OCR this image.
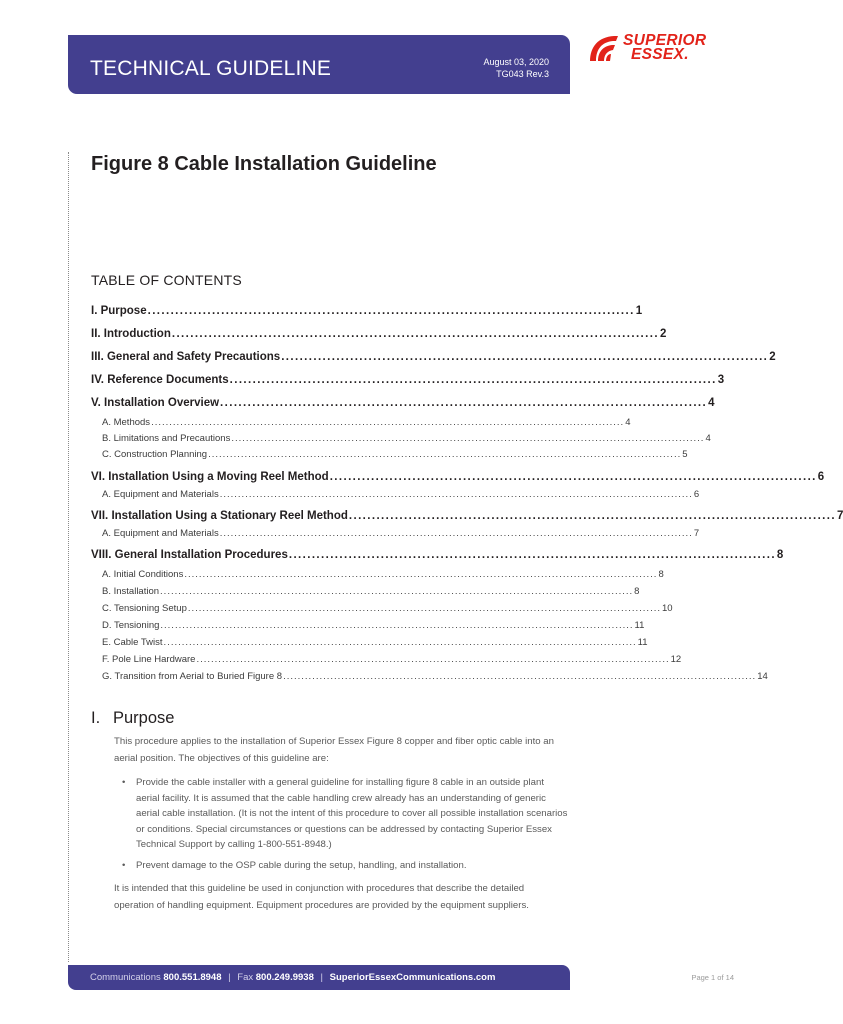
TECHNICAL GUIDELINE	August 03, 2020
TG043 Rev.3
SUPERIOR
ESSEX.
Figure 8 Cable Installation Guideline
TABLE OF CONTENTS
I. Purpose .......................................................................................................... 1
II. Introduction .......................................................................................................... 2
III. General and Safety Precautions .......................................................................................................... 2
IV. Reference Documents .......................................................................................................... 3
V. Installation Overview .......................................................................................................... 4
A. Methods .................................................................................................................................. 4
B. Limitations and Precautions .................................................................................................................................. 4
C. Construction Planning .................................................................................................................................. 5
VI. Installation Using a Moving Reel Method .......................................................................................................... 6
A. Equipment and Materials .................................................................................................................................. 6
VII. Installation Using a Stationary Reel Method .......................................................................................................... 7
A. Equipment and Materials .................................................................................................................................. 7
VIII. General Installation Procedures .......................................................................................................... 8
A. Initial Conditions .................................................................................................................................. 8
B. Installation .................................................................................................................................. 8
C. Tensioning Setup .................................................................................................................................. 10
D. Tensioning .................................................................................................................................. 11
E. Cable Twist .................................................................................................................................. 11
F. Pole Line Hardware .................................................................................................................................. 12
G. Transition from Aerial to Buried Figure 8 .................................................................................................................................. 14
I. Purpose
This procedure applies to the installation of Superior Essex Figure 8 copper and fiber optic cable into an aerial position. The objectives of this guideline are:
• Provide the cable installer with a general guideline for installing figure 8 cable in an outside plant aerial facility. It is assumed that the cable handling crew already has an understanding of generic aerial cable installation. (It is not the intent of this procedure to cover all possible installation scenarios or conditions. Special circumstances or questions can be addressed by contacting Superior Essex Technical Support by calling 1-800-551-8948.)
• Prevent damage to the OSP cable during the setup, handling, and installation.
It is intended that this guideline be used in conjunction with procedures that describe the detailed operation of handling equipment. Equipment procedures are provided by the equipment suppliers.
Communications 800.551.8948 | Fax 800.249.9938 | SuperiorEssexCommunications.com	Page 1 of 14
